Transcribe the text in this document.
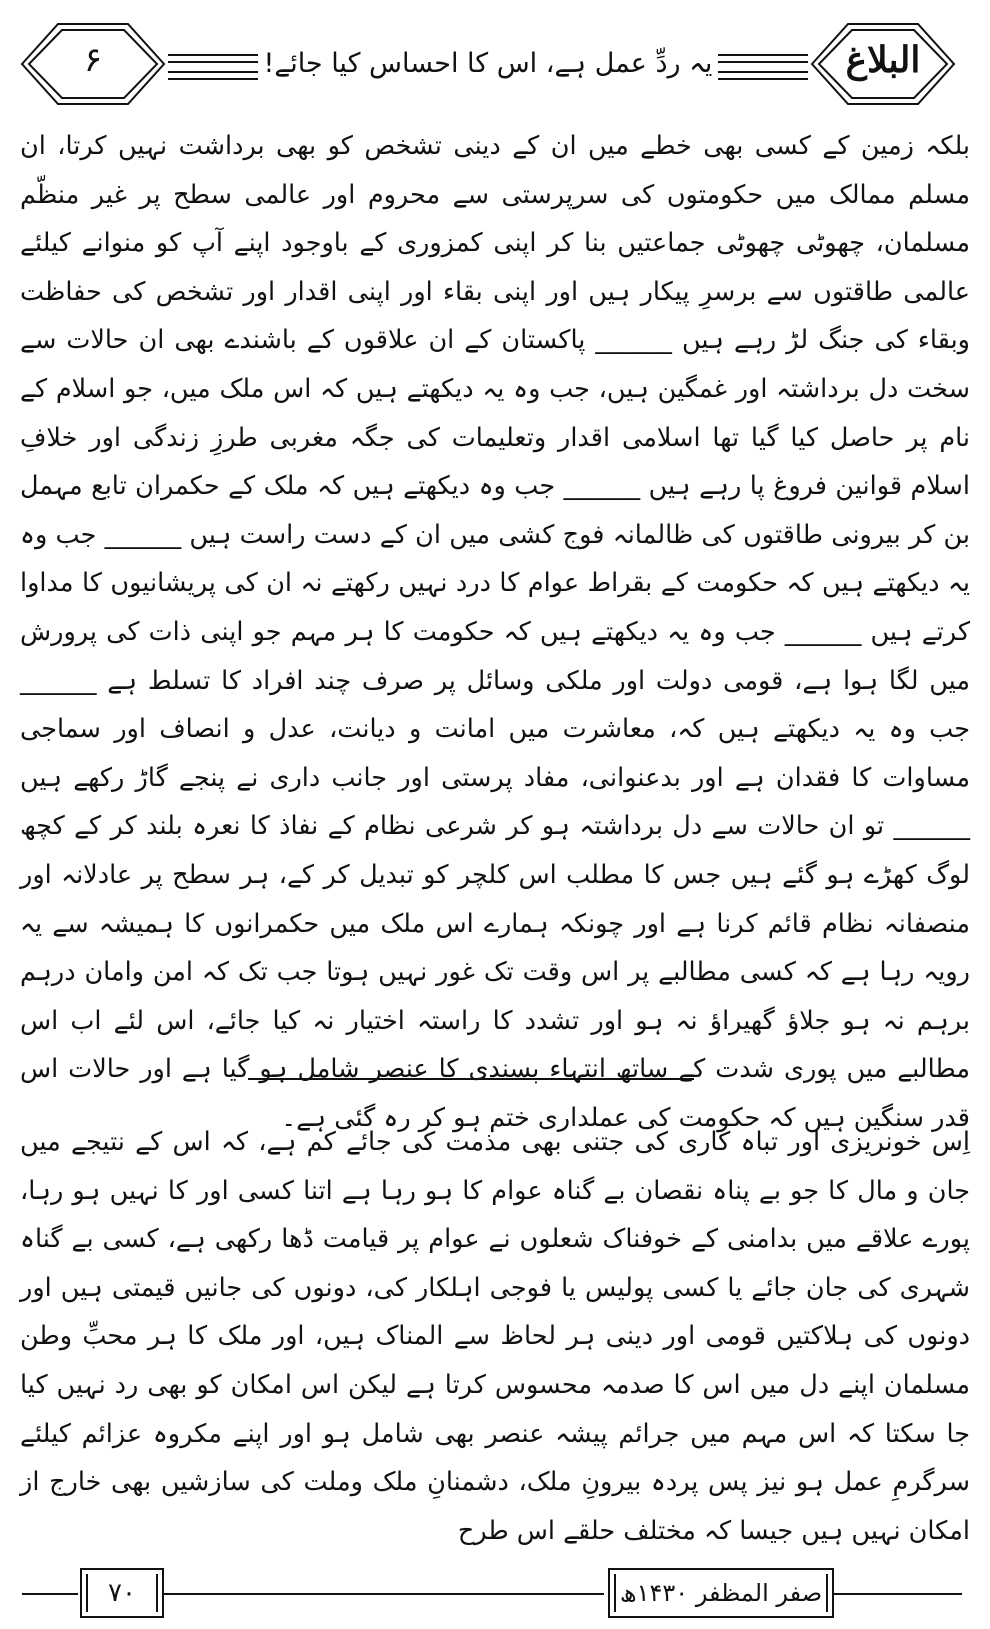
۶	یہ ردِّ عمل ہے، اس کا احساس کیا جائے!	البلاغ

بلکہ زمین کے کسی بھی خطے میں ان کے دینی تشخص کو بھی برداشت نہیں کرتا، ان مسلم ممالک میں حکومتوں کی سرپرستی سے محروم اور عالمی سطح پر غیر منظّم مسلمان، چھوٹی چھوٹی جماعتیں بنا کر اپنی کمزوری کے باوجود اپنے آپ کو منوانے کیلئے عالمی طاقتوں سے برسرِ پیکار ہیں اور اپنی بقاء اور اپنی اقدار اور تشخص کی حفاظت وبقاء کی جنگ لڑ رہے ہیں ______ پاکستان کے ان علاقوں کے باشندے بھی ان حالات سے سخت دل برداشتہ اور غمگین ہیں، جب وہ یہ دیکھتے ہیں کہ اس ملک میں، جو اسلام کے نام پر حاصل کیا گیا تھا اسلامی اقدار وتعلیمات کی جگہ مغربی طرزِ زندگی اور خلافِ اسلام قوانین فروغ پا رہے ہیں ______ جب وہ دیکھتے ہیں کہ ملک کے حکمران تابع مہمل بن کر بیرونی طاقتوں کی ظالمانہ فوج کشی میں ان کے دست راست ہیں ______ جب وہ یہ دیکھتے ہیں کہ حکومت کے بقراط عوام کا درد نہیں رکھتے نہ ان کی پریشانیوں کا مداوا کرتے ہیں ______ جب وہ یہ دیکھتے ہیں کہ حکومت کا ہر مہم جو اپنی ذات کی پرورش میں لگا ہوا ہے، قومی دولت اور ملکی وسائل پر صرف چند افراد کا تسلط ہے ______ جب وہ یہ دیکھتے ہیں کہ، معاشرت میں امانت و دیانت، عدل و انصاف اور سماجی مساوات کا فقدان ہے اور بدعنوانی، مفاد پرستی اور جانب داری نے پنجے گاڑ رکھے ہیں ______ تو ان حالات سے دل برداشتہ ہو کر شرعی نظام کے نفاذ کا نعرہ بلند کر کے کچھ لوگ کھڑے ہو گئے ہیں جس کا مطلب اس کلچر کو تبدیل کر کے، ہر سطح پر عادلانہ اور منصفانہ نظام قائم کرنا ہے اور چونکہ ہمارے اس ملک میں حکمرانوں کا ہمیشہ سے یہ رویہ رہا ہے کہ کسی مطالبے پر اس وقت تک غور نہیں ہوتا جب تک کہ امن وامان درہم برہم نہ ہو جلاؤ گھیراؤ نہ ہو اور تشدد کا راستہ اختیار نہ کیا جائے، اس لئے اب اس مطالبے میں پوری شدت کے ساتھ انتہاء پسندی کا عنصر شامل ہو گیا ہے اور حالات اس قدر سنگین ہیں کہ حکومت کی عملداری ختم ہو کر رہ گئی ہے۔

اِس خونریزی اور تباہ کاری کی جتنی بھی مذمت کی جائے کم ہے، کہ اس کے نتیجے میں جان و مال کا جو بے پناہ نقصان بے گناہ عوام کا ہو رہا ہے اتنا کسی اور کا نہیں ہو رہا، پورے علاقے میں بدامنی کے خوفناک شعلوں نے عوام پر قیامت ڈھا رکھی ہے، کسی بے گناہ شہری کی جان جائے یا کسی پولیس یا فوجی اہلکار کی، دونوں کی جانیں قیمتی ہیں اور دونوں کی ہلاکتیں قومی اور دینی ہر لحاظ سے المناک ہیں، اور ملک کا ہر محبِّ وطن مسلمان اپنے دل میں اس کا صدمہ محسوس کرتا ہے لیکن اس امکان کو بھی رد نہیں کیا جا سکتا کہ اس مہم میں جرائم پیشہ عنصر بھی شامل ہو اور اپنے مکروہ عزائم کیلئے سرگرمِ عمل ہو نیز پس پردہ بیرونِ ملک، دشمنانِ ملک وملت کی سازشیں بھی خارج از امکان نہیں ہیں جیسا کہ مختلف حلقے اس طرح

۷۰	صفر المظفر ۱۴۳۰ھ
